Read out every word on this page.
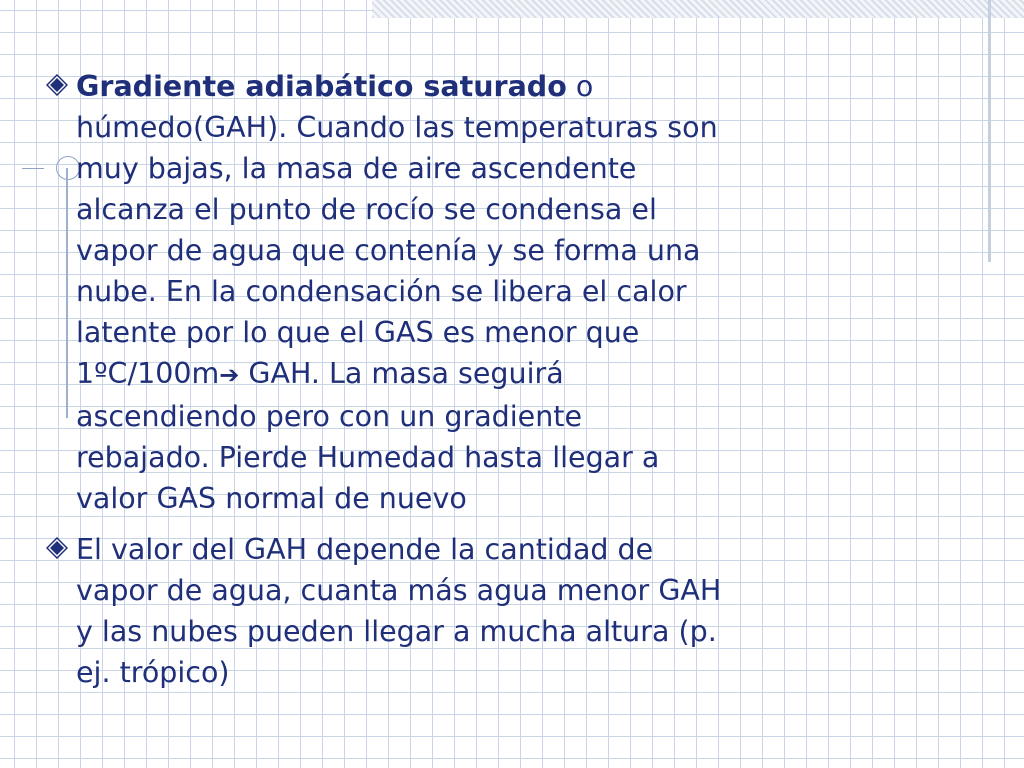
Gradiente adiabático saturado o húmedo(GAH). Cuando las temperaturas son muy bajas, la masa de aire ascendente alcanza el punto de rocío se condensa el vapor de agua que contenía y se forma una nube. En la condensación se libera el calor latente por lo que el GAS es menor que 1ºC/100m➔ GAH. La masa seguirá ascendiendo pero con un gradiente rebajado. Pierde Humedad hasta llegar a valor GAS normal de nuevo
El valor del GAH depende la cantidad de vapor de agua, cuanta más agua menor GAH y las nubes pueden llegar a mucha altura (p. ej. trópico)
